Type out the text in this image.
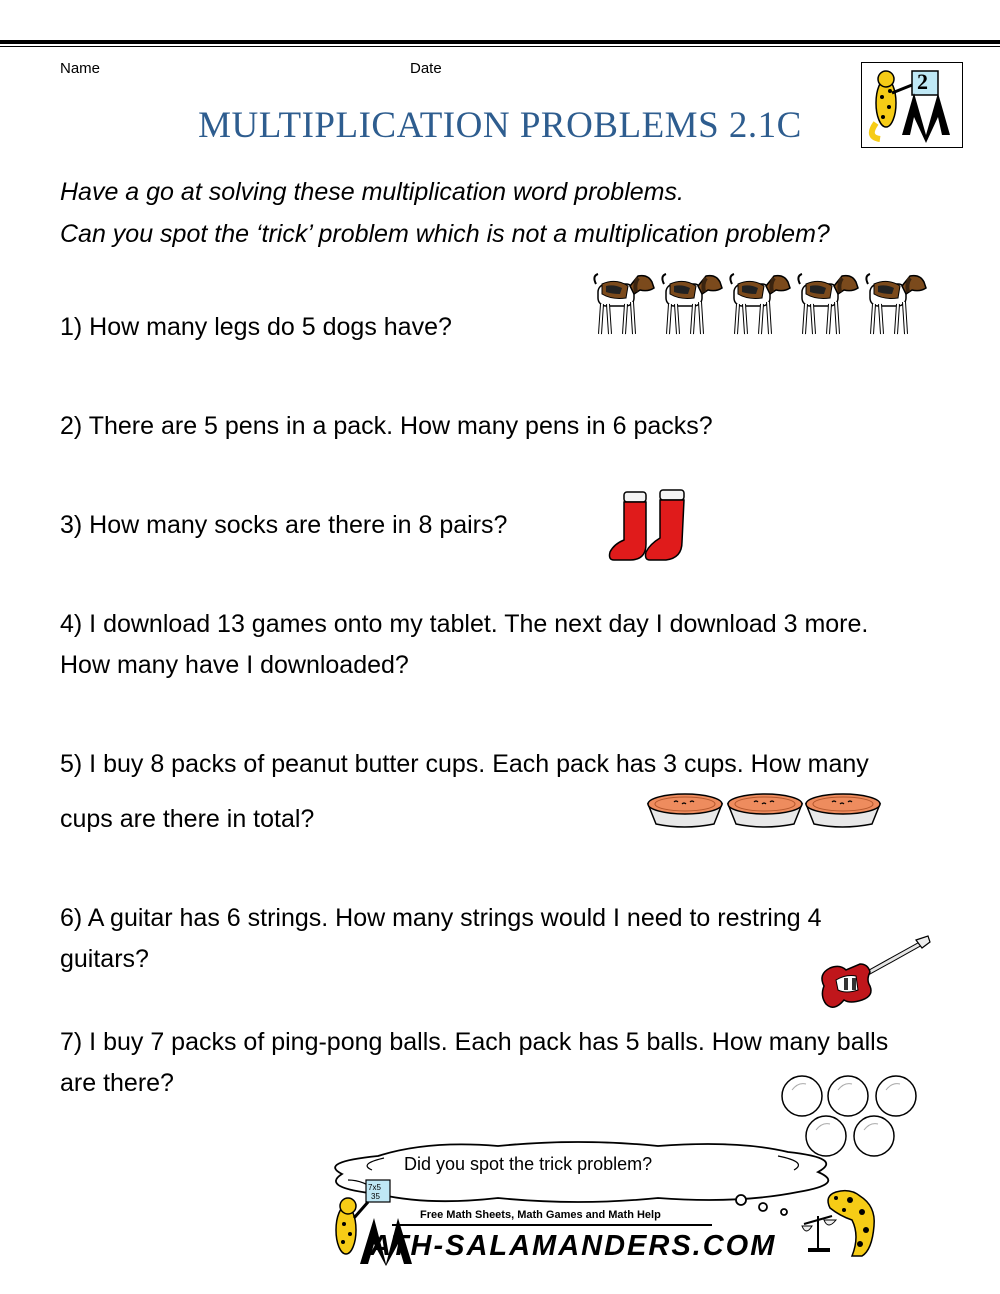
Name	Date
MULTIPLICATION PROBLEMS 2.1C
2
Have a go at solving these multiplication word problems.
Can you spot the ‘trick’ problem which is not a multiplication problem?
1) How many legs do 5 dogs have?
2) There are 5 pens in a pack. How many pens in 6 packs?
3) How many socks are there in 8 pairs?
4) I download 13 games onto my tablet. The next day I download 3 more.
How many have I downloaded?
5) I buy 8 packs of peanut butter cups. Each pack has 3 cups. How many
cups are there in total?
6) A guitar has 6 strings. How many strings would I need to restring 4
guitars?
7) I buy 7 packs of ping-pong balls. Each pack has 5 balls. How many balls
are there?
Did you spot the trick problem?
7x5
35
Free Math Sheets, Math Games and Math Help
ATH-SALAMANDERS.COM
